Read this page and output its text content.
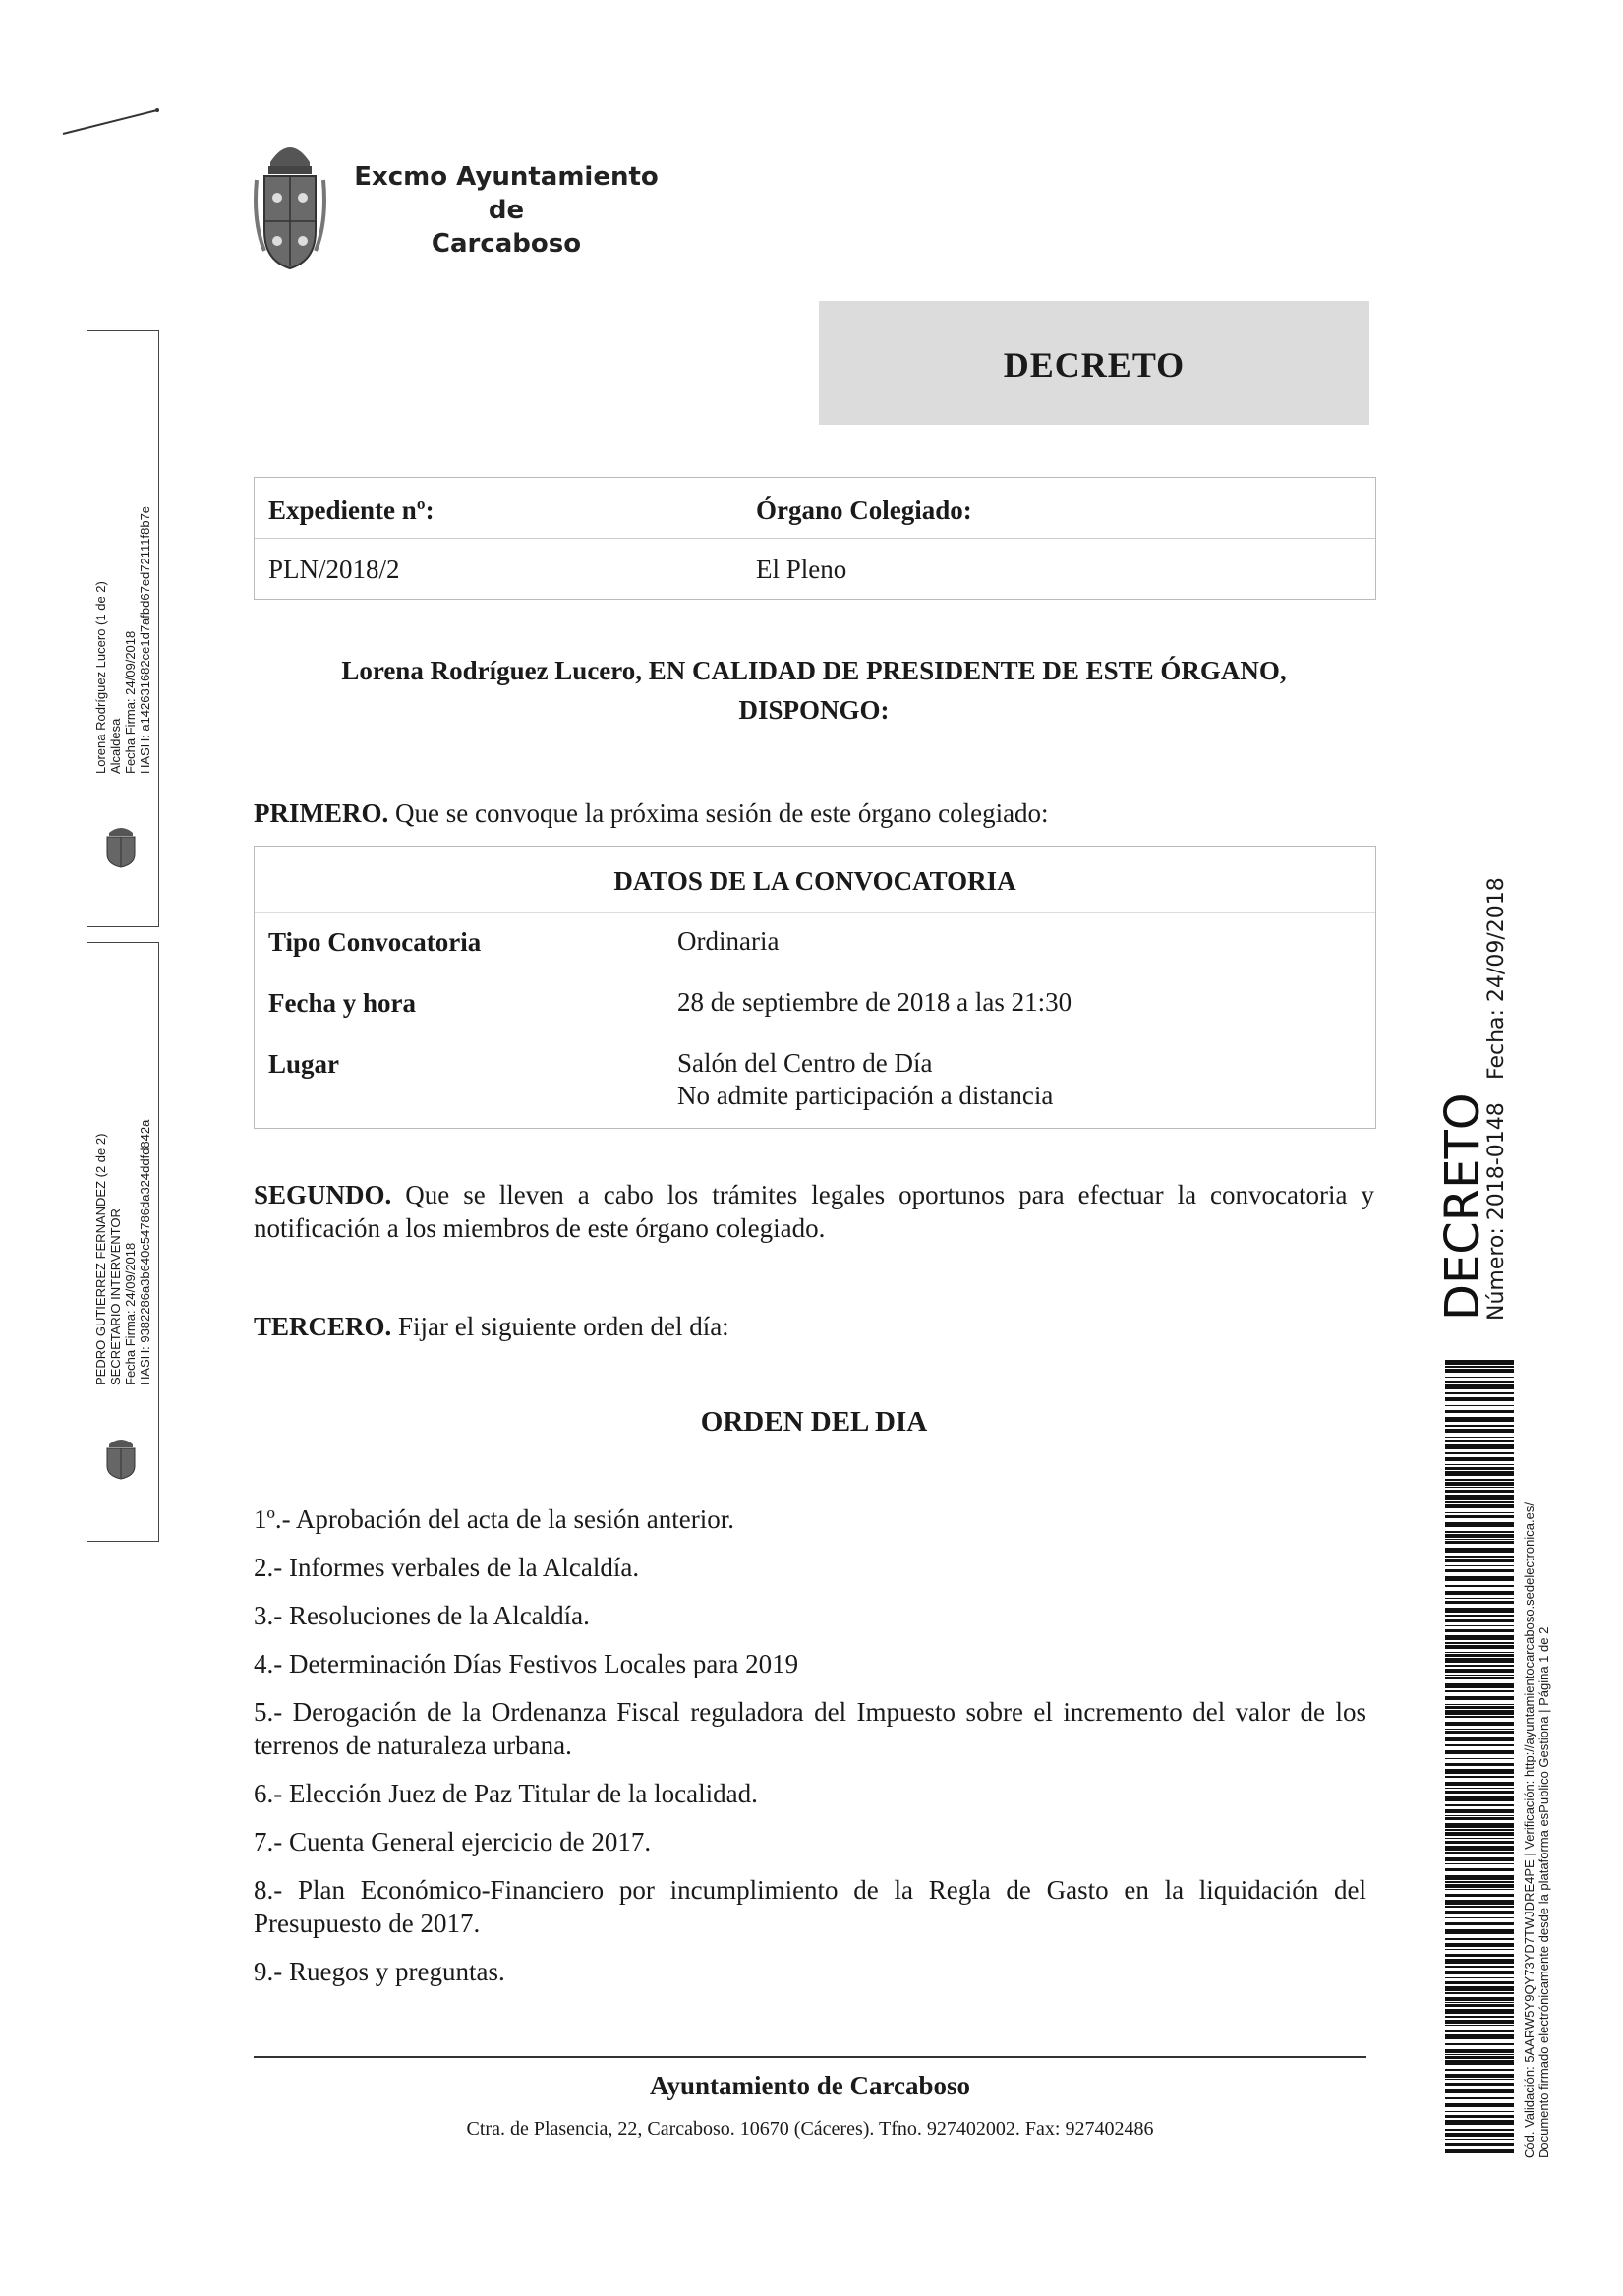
Excmo Ayuntamiento
de
Carcaboso
DECRETO
Expediente nº:	Órgano Colegiado:
PLN/2018/2	El Pleno
Lorena Rodríguez Lucero, EN CALIDAD DE PRESIDENTE DE ESTE ÓRGANO,
DISPONGO:
PRIMERO. Que se convoque la próxima sesión de este órgano colegiado:
DATOS DE LA CONVOCATORIA
Tipo Convocatoria	Ordinaria
Fecha y hora	28 de septiembre de 2018 a las 21:30
Lugar	Salón del Centro de Día
No admite participación a distancia
SEGUNDO. Que se lleven a cabo los trámites legales oportunos para efectuar la convocatoria y notificación a los miembros de este órgano colegiado.
TERCERO. Fijar el siguiente orden del día:
ORDEN DEL DIA
1º.- Aprobación del acta de la sesión anterior.
2.- Informes verbales de la Alcaldía.
3.- Resoluciones de la Alcaldía.
4.- Determinación Días Festivos Locales para 2019
5.- Derogación de la Ordenanza Fiscal reguladora del Impuesto sobre el incremento del valor de los terrenos de naturaleza urbana.
6.- Elección Juez de Paz Titular de la localidad.
7.- Cuenta General ejercicio de 2017.
8.- Plan Económico-Financiero por incumplimiento de la Regla de Gasto en la liquidación del Presupuesto de 2017.
9.- Ruegos y preguntas.
Ayuntamiento de Carcaboso
Ctra. de Plasencia, 22, Carcaboso. 10670 (Cáceres). Tfno. 927402002. Fax: 927402486
Lorena Rodríguez Lucero (1 de 2) Alcaldesa Fecha Firma: 24/09/2018 HASH: a142631682ce1d7afbd67ed72111f8b7e
PEDRO GUTIERREZ FERNANDEZ (2 de 2) SECRETARIO INTERVENTOR Fecha Firma: 24/09/2018 HASH: 9382286a3b640c54786da324ddfd842a	DECRETO
Número: 2018-0148
Fecha: 24/09/2018
Cód. Validación: 5AARW5Y9QY73YD7TWJDRE4PE | Verificación: http://ayuntamientocarcaboso.sedelectronica.es/ Documento firmado electrónicamente desde la plataforma esPublico Gestiona | Página 1 de 2
